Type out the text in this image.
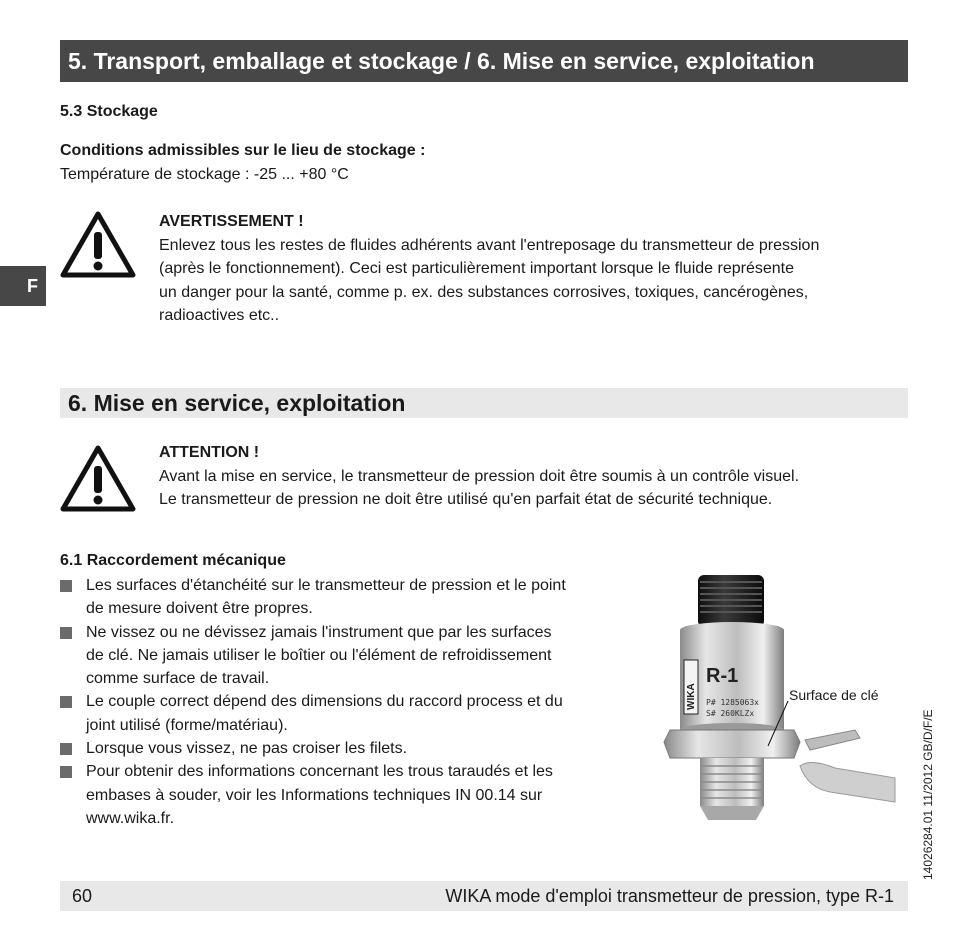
5. Transport, emballage et stockage / 6. Mise en service, exploitation
F
5.3 Stockage
Conditions admissibles sur le lieu de stockage :
Température de stockage : -25 ... +80 °C
AVERTISSEMENT !
Enlevez tous les restes de fluides adhérents avant l'entreposage du transmetteur de pression
(après le fonctionnement). Ceci est particulièrement important lorsque le fluide représente
un danger pour la santé, comme p. ex. des substances corrosives, toxiques, cancérogènes,
radioactives etc..
6. Mise en service, exploitation
ATTENTION !
Avant la mise en service, le transmetteur de pression doit être soumis à un contrôle visuel.
Le transmetteur de pression ne doit être utilisé qu'en parfait état de sécurité technique.
6.1 Raccordement mécanique
Les surfaces d'étanchéité sur le transmetteur de pression et le point
de mesure doivent être propres.
Ne vissez ou ne dévissez jamais l'instrument que par les surfaces
de clé. Ne jamais utiliser le boîtier ou l'élément de refroidissement
comme surface de travail.
Le couple correct dépend des dimensions du raccord process et du
joint utilisé (forme/matériau).
Lorsque vous vissez, ne pas croiser les filets.
Pour obtenir des informations concernant les trous taraudés et les
embases à souder, voir les Informations techniques IN 00.14 sur
www.wika.fr.
WIKA
R-1
P# 1285063x
S# 260KLZx
Surface de clé
14026284.01 11/2012 GB/D/F/E
60	WIKA mode d'emploi transmetteur de pression, type R-1
